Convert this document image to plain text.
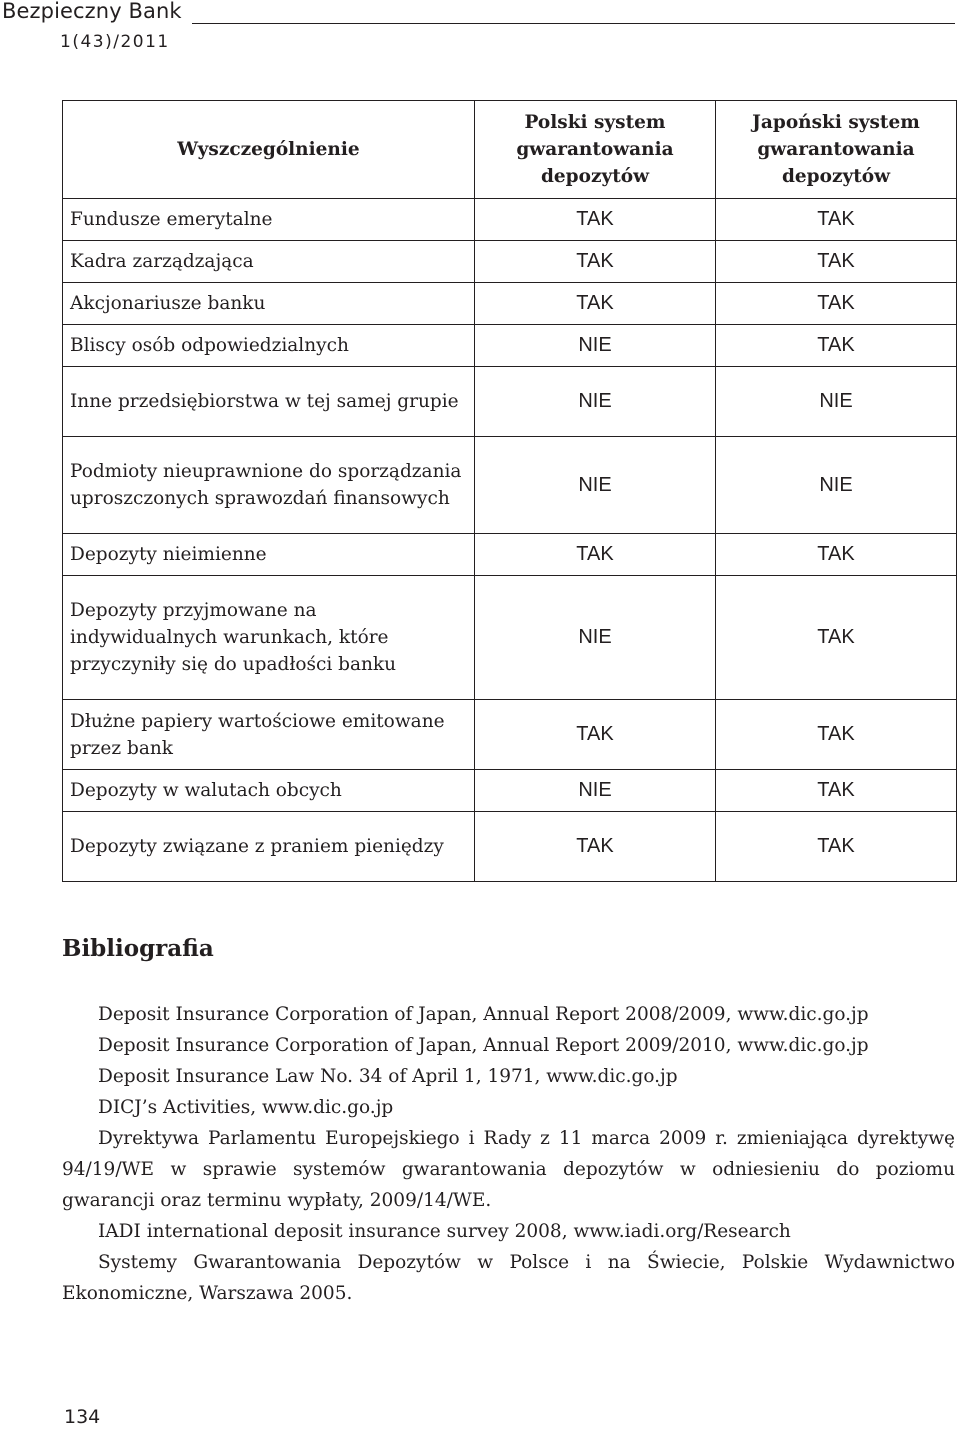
Bezpieczny Bank
1(43)/2011
Wyszczególnienie	Polski system gwarantowania depozytów	Japoński system gwarantowania depozytów
Fundusze emerytalne	TAK	TAK
Kadra zarządzająca	TAK	TAK
Akcjonariusze banku	TAK	TAK
Bliscy osób odpowiedzialnych	NIE	TAK
Inne przedsiębiorstwa w tej samej grupie	NIE	NIE
Podmioty nieuprawnione do sporządzania uproszczonych sprawozdań finansowych	NIE	NIE
Depozyty nieimienne	TAK	TAK
Depozyty przyjmowane na indywidualnych warunkach, które przyczyniły się do upadłości banku	NIE	TAK
Dłużne papiery wartościowe emitowane przez bank	TAK	TAK
Depozyty w walutach obcych	NIE	TAK
Depozyty związane z praniem pieniędzy	TAK	TAK
Bibliografia

Deposit Insurance Corporation of Japan, Annual Report 2008/2009, www.dic.go.jp

Deposit Insurance Corporation of Japan, Annual Report 2009/2010, www.dic.go.jp

Deposit Insurance Law No. 34 of April 1, 1971, www.dic.go.jp

DICJ’s Activities, www.dic.go.jp

Dyrektywa Parlamentu Europejskiego i Rady z 11 marca 2009 r. zmieniająca dyrektywę 94/19/WE w sprawie systemów gwarantowania depozytów w odniesieniu do poziomu gwarancji oraz terminu wypłaty, 2009/14/WE.

IADI international deposit insurance survey 2008, www.iadi.org/Research

Systemy Gwarantowania Depozytów w Polsce i na Świecie, Polskie Wydawnictwo Ekonomiczne, Warszawa 2005.

134
